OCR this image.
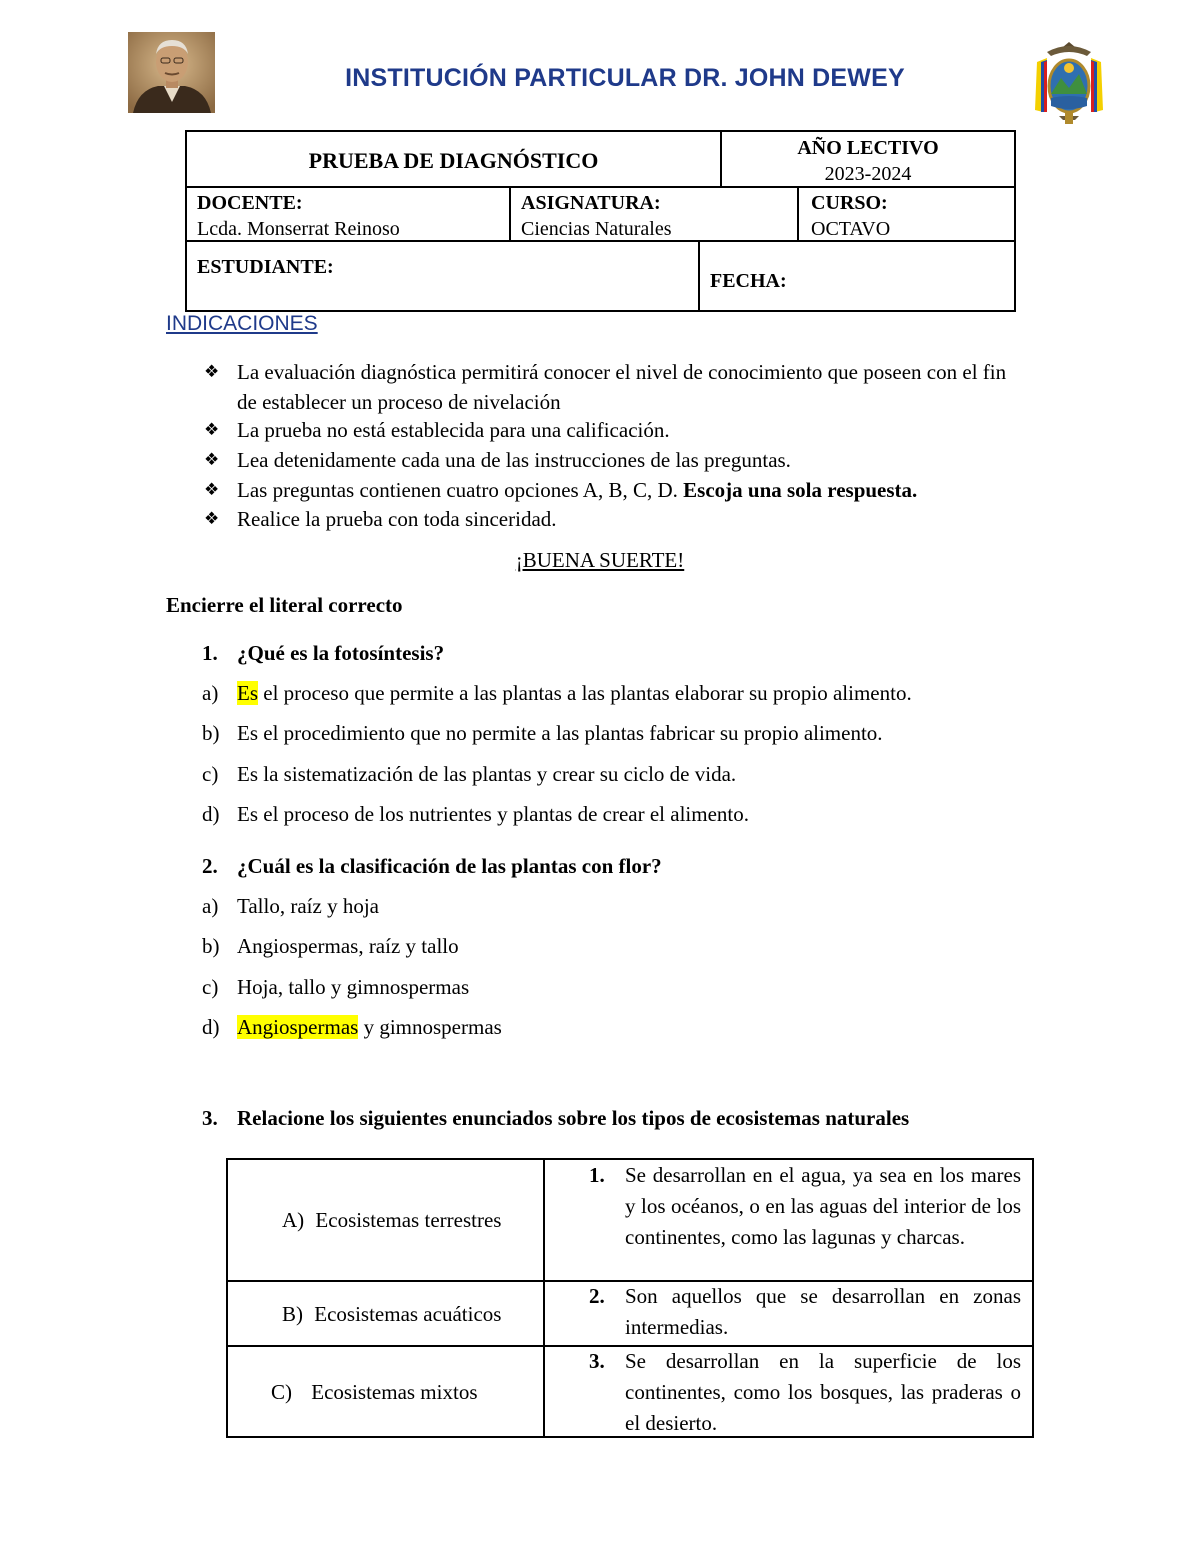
INSTITUCIÓN PARTICULAR DR. JOHN DEWEY
PRUEBA DE DIAGNÓSTICO	AÑO LECTIVO
2023-2024
DOCENTE:
Lcda. Monserrat Reinoso
ASIGNATURA:
Ciencias Naturales
CURSO:
OCTAVO
ESTUDIANTE:
FECHA:
INDICACIONES
❖ La evaluación diagnóstica permitirá conocer el nivel de conocimiento que poseen con el fin de establecer un proceso de nivelación
❖ La prueba no está establecida para una calificación.
❖ Lea detenidamente cada una de las instrucciones de las preguntas.
❖ Las preguntas contienen cuatro opciones A, B, C, D. Escoja una sola respuesta.
❖ Realice la prueba con toda sinceridad.
¡BUENA SUERTE!
Encierre el literal correcto
1. ¿Qué es la fotosíntesis?
a) Es el proceso que permite a las plantas a las plantas elaborar su propio alimento.
b) Es el procedimiento que no permite a las plantas fabricar su propio alimento.
c) Es la sistematización de las plantas y crear su ciclo de vida.
d) Es el proceso de los nutrientes y plantas de crear el alimento.
2. ¿Cuál es la clasificación de las plantas con flor?
a) Tallo, raíz y hoja
b) Angiospermas, raíz y tallo
c) Hoja, tallo y gimnospermas
d) Angiospermas y gimnospermas
3. Relacione los siguientes enunciados sobre los tipos de ecosistemas naturales
A) Ecosistemas terrestres
1. Se desarrollan en el agua, ya sea en los mares y los océanos, o en las aguas del interior de los continentes, como las lagunas y charcas.
B) Ecosistemas acuáticos
2. Son aquellos que se desarrollan en zonas intermedias.
C) Ecosistemas mixtos
3. Se desarrollan en la superficie de los continentes, como los bosques, las praderas o el desierto.
